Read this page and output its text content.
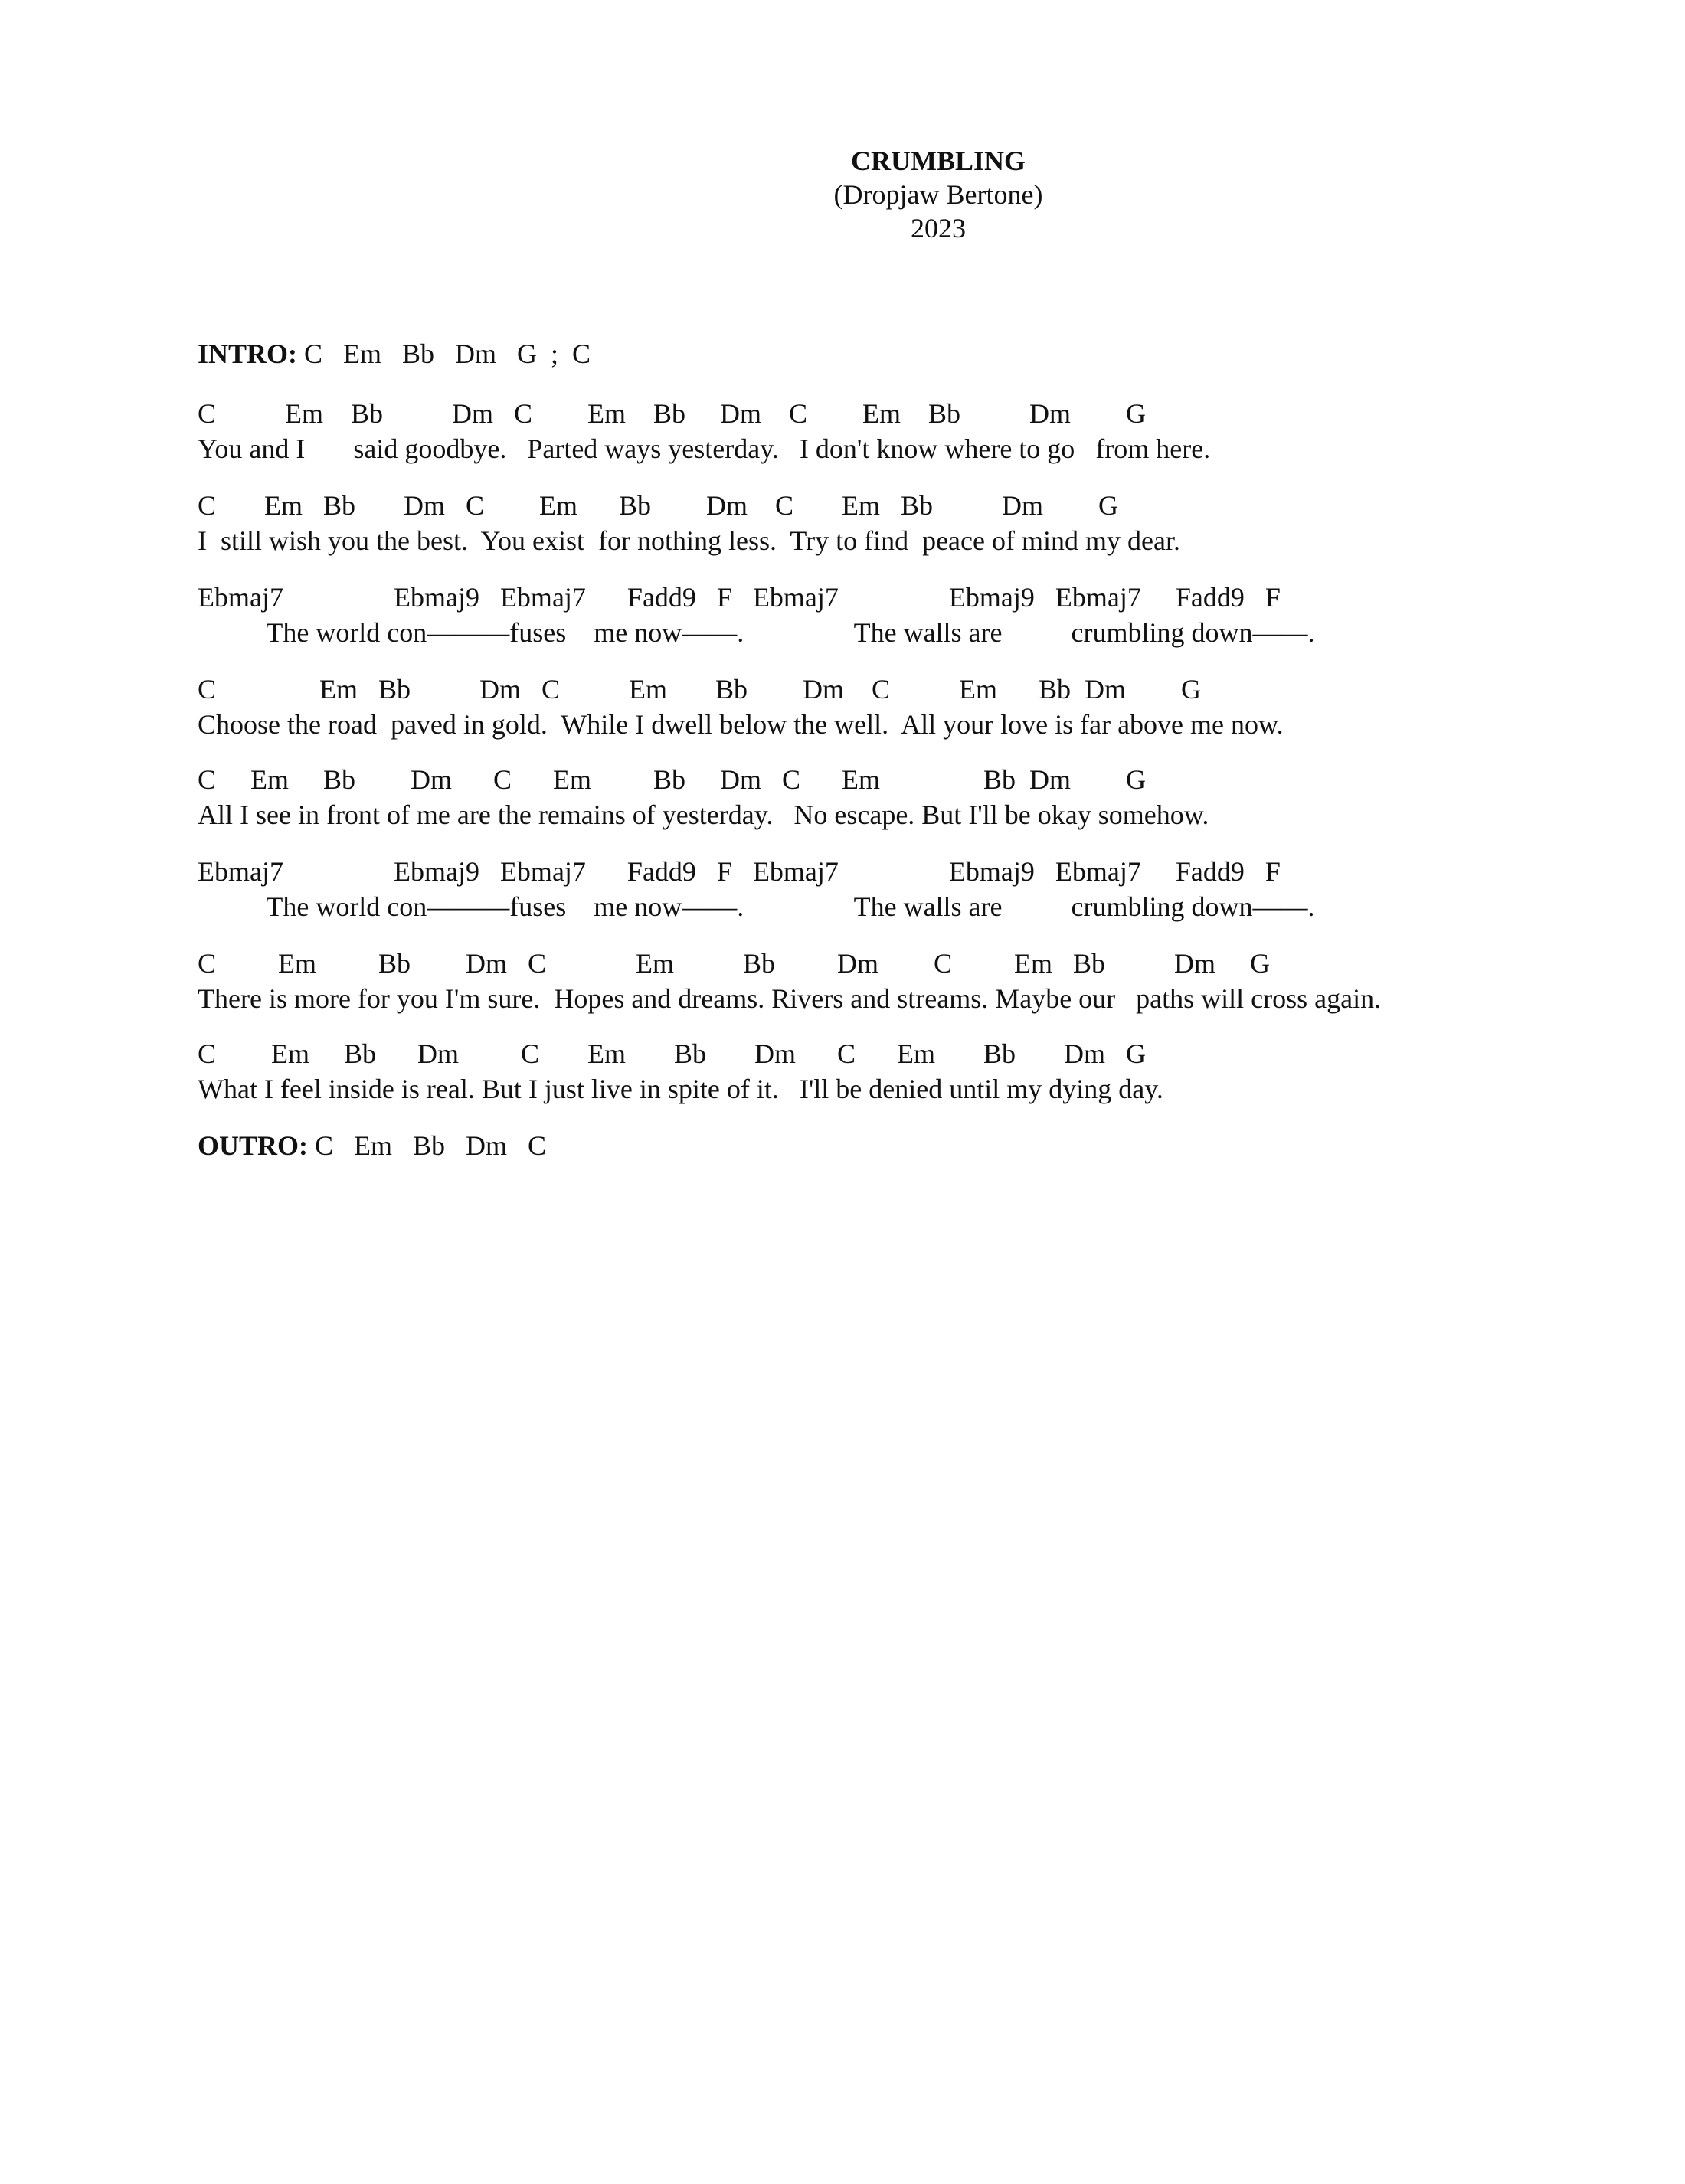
CRUMBLING

(Dropjaw Bertone)

2023

INTRO: C   Em   Bb   Dm   G  ;  C
C          Em    Bb          Dm   C        Em    Bb     Dm    C        Em    Bb          Dm        G
You and I       said goodbye.   Parted ways yesterday.   I don't know where to go   from here.
C       Em   Bb       Dm   C        Em      Bb        Dm    C       Em   Bb          Dm        G
I  still wish you the best.  You exist  for nothing less.  Try to find  peace of mind my dear.
Ebmaj7                Ebmaj9   Ebmaj7      Fadd9   F   Ebmaj7                Ebmaj9   Ebmaj7     Fadd9   F
The world con———fuses    me now——.                The walls are          crumbling down——.
C               Em   Bb          Dm   C          Em       Bb        Dm    C          Em      Bb  Dm        G
Choose the road  paved in gold.  While I dwell below the well.  All your love is far above me now.
C     Em     Bb        Dm      C      Em         Bb     Dm   C      Em               Bb  Dm        G
All I see in front of me are the remains of yesterday.   No escape. But I'll be okay somehow.
Ebmaj7                Ebmaj9   Ebmaj7      Fadd9   F   Ebmaj7                Ebmaj9   Ebmaj7     Fadd9   F
The world con———fuses    me now——.                The walls are          crumbling down——.
C         Em         Bb        Dm   C             Em          Bb         Dm        C         Em   Bb          Dm     G
There is more for you I'm sure.  Hopes and dreams. Rivers and streams. Maybe our   paths will cross again.
C        Em     Bb      Dm         C       Em       Bb       Dm      C      Em       Bb       Dm   G
What I feel inside is real. But I just live in spite of it.   I'll be denied until my dying day.
OUTRO: C   Em   Bb   Dm   C
